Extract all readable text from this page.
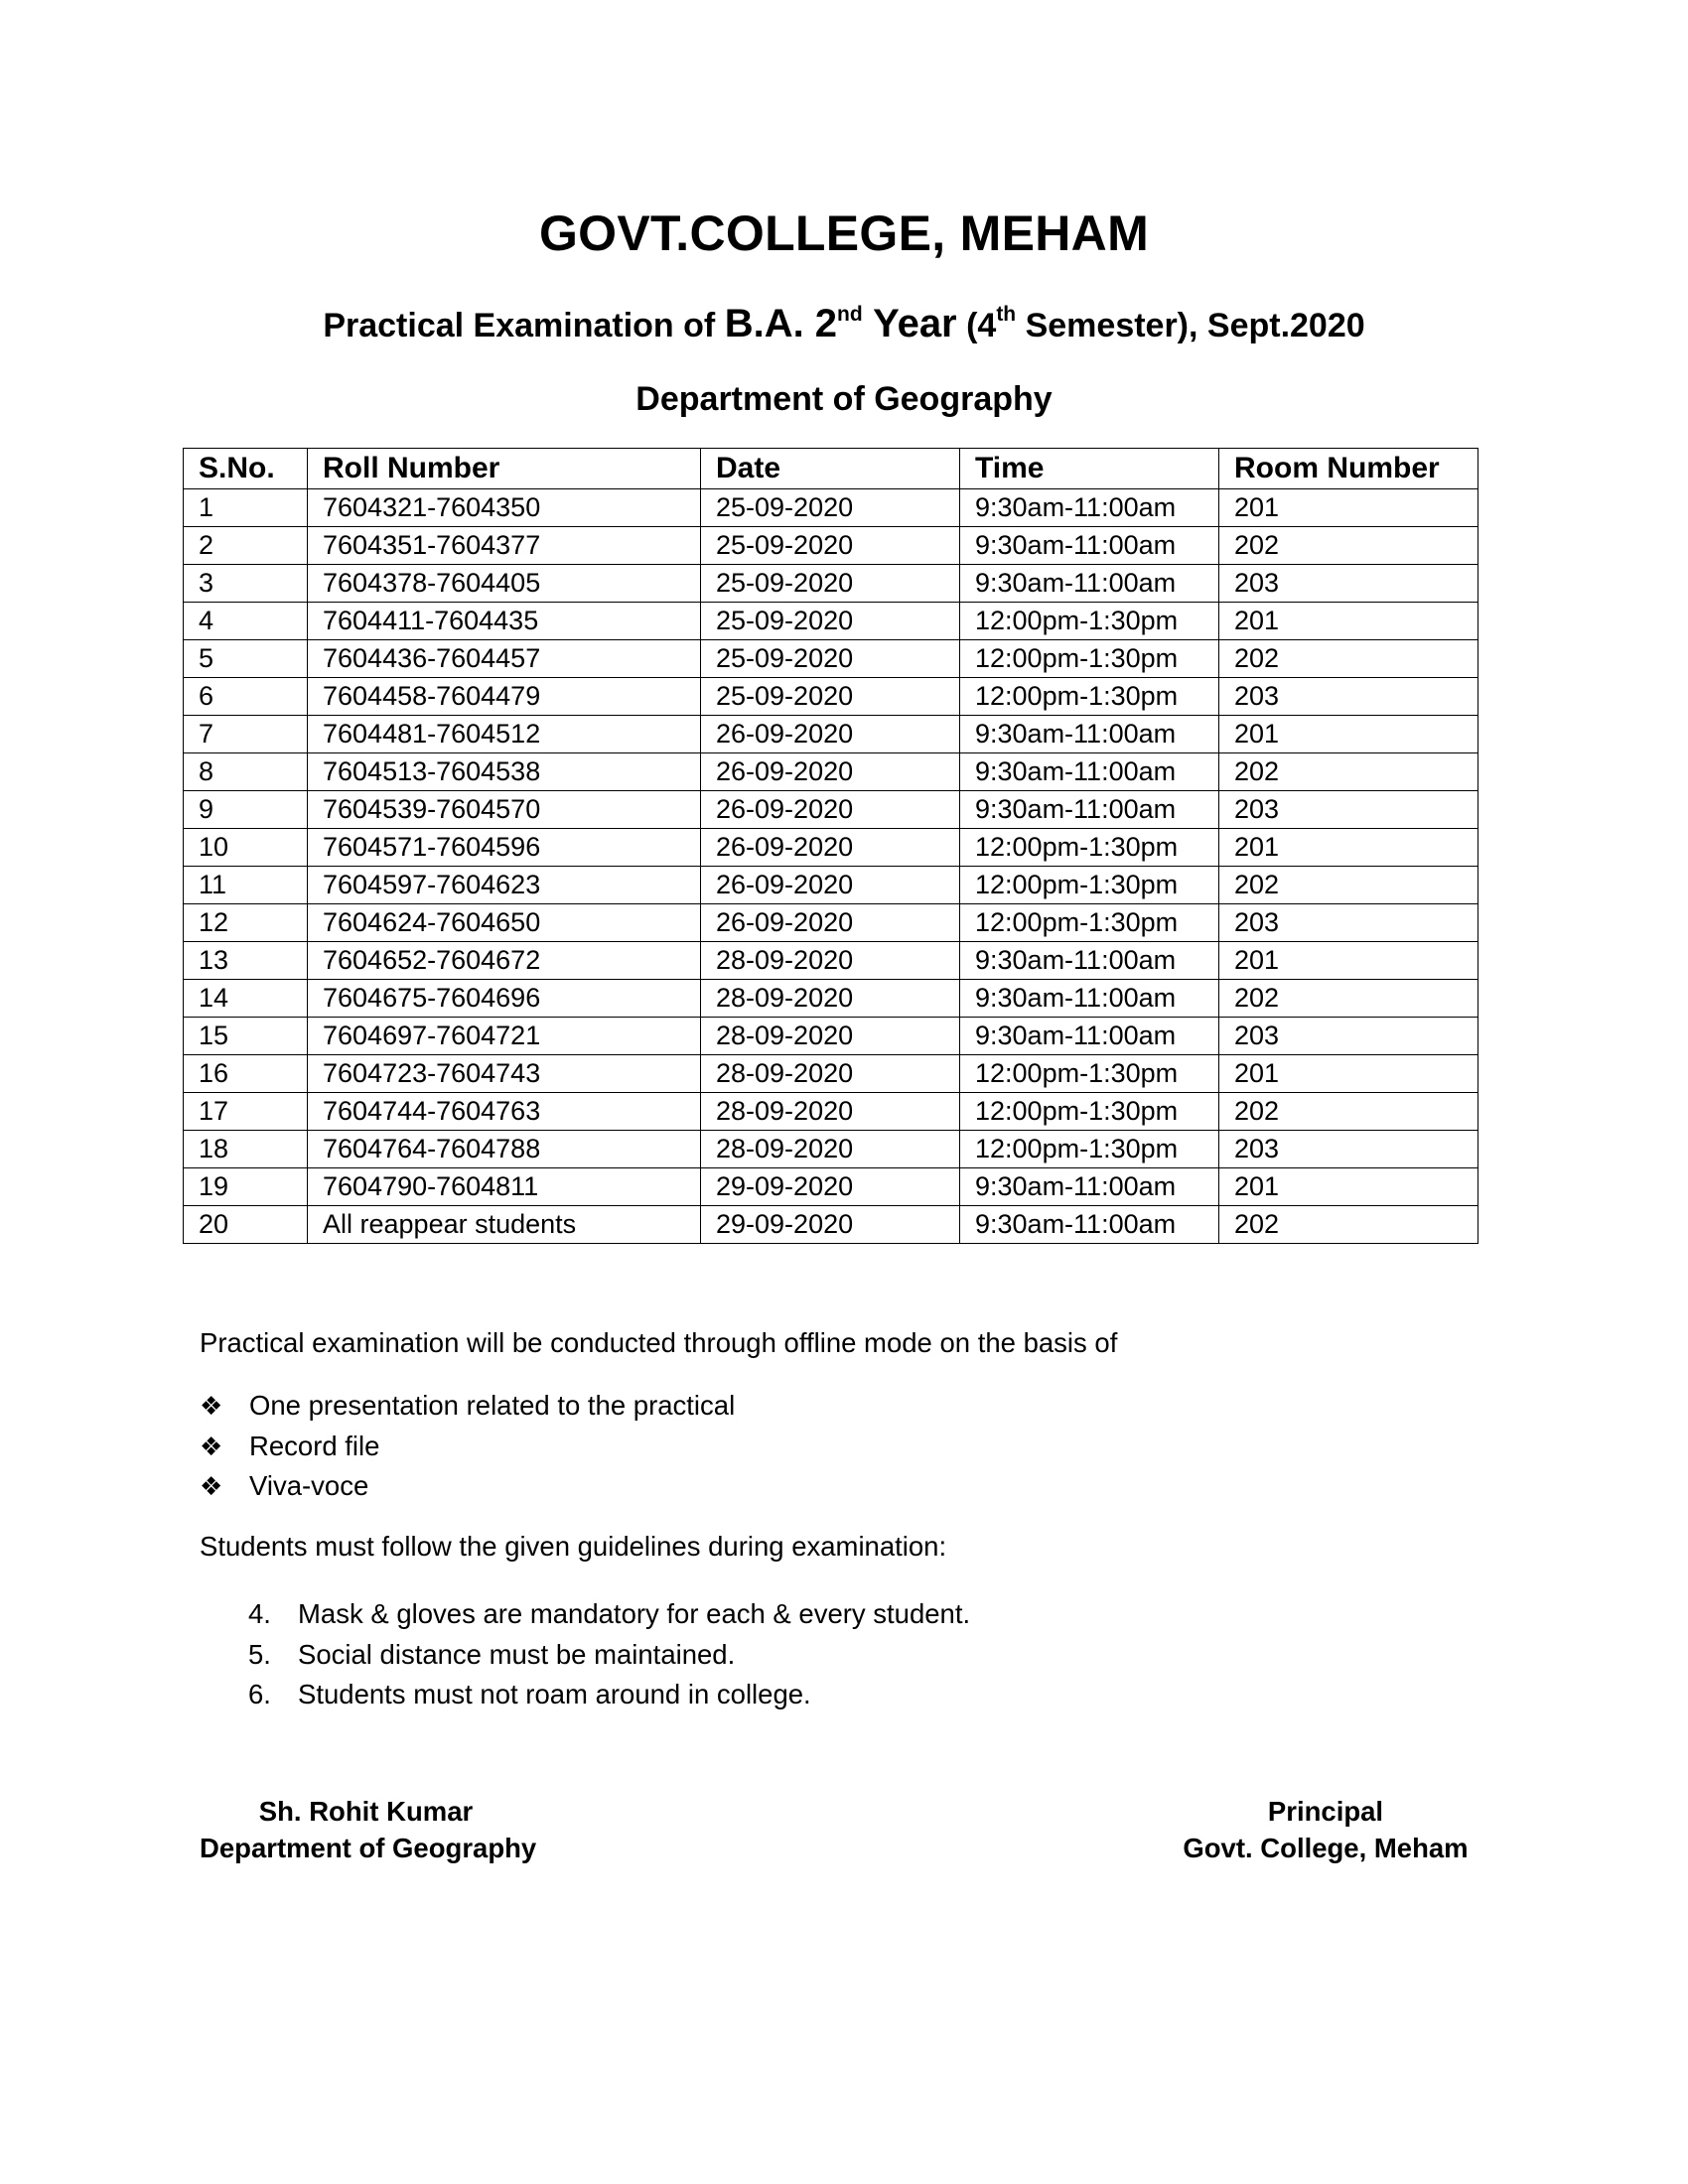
GOVT.COLLEGE, MEHAM
Practical Examination of B.A. 2nd Year (4th Semester), Sept.2020
Department of Geography
S.No.	Roll Number	Date	Time	Room Number
1	7604321-7604350	25-09-2020	9:30am-11:00am	201
2	7604351-7604377	25-09-2020	9:30am-11:00am	202
3	7604378-7604405	25-09-2020	9:30am-11:00am	203
4	7604411-7604435	25-09-2020	12:00pm-1:30pm	201
5	7604436-7604457	25-09-2020	12:00pm-1:30pm	202
6	7604458-7604479	25-09-2020	12:00pm-1:30pm	203
7	7604481-7604512	26-09-2020	9:30am-11:00am	201
8	7604513-7604538	26-09-2020	9:30am-11:00am	202
9	7604539-7604570	26-09-2020	9:30am-11:00am	203
10	7604571-7604596	26-09-2020	12:00pm-1:30pm	201
11	7604597-7604623	26-09-2020	12:00pm-1:30pm	202
12	7604624-7604650	26-09-2020	12:00pm-1:30pm	203
13	7604652-7604672	28-09-2020	9:30am-11:00am	201
14	7604675-7604696	28-09-2020	9:30am-11:00am	202
15	7604697-7604721	28-09-2020	9:30am-11:00am	203
16	7604723-7604743	28-09-2020	12:00pm-1:30pm	201
17	7604744-7604763	28-09-2020	12:00pm-1:30pm	202
18	7604764-7604788	28-09-2020	12:00pm-1:30pm	203
19	7604790-7604811	29-09-2020	9:30am-11:00am	201
20	All reappear students	29-09-2020	9:30am-11:00am	202
Practical examination will be conducted through offline mode on the basis of
❖ One presentation related to the practical
❖ Record file
❖ Viva-voce
Students must follow the given guidelines during examination:
4. Mask & gloves are mandatory for each & every student.
5. Social distance must be maintained.
6. Students must not roam around in college.
Sh. Rohit Kumar
Department of Geography
Principal
Govt. College, Meham
